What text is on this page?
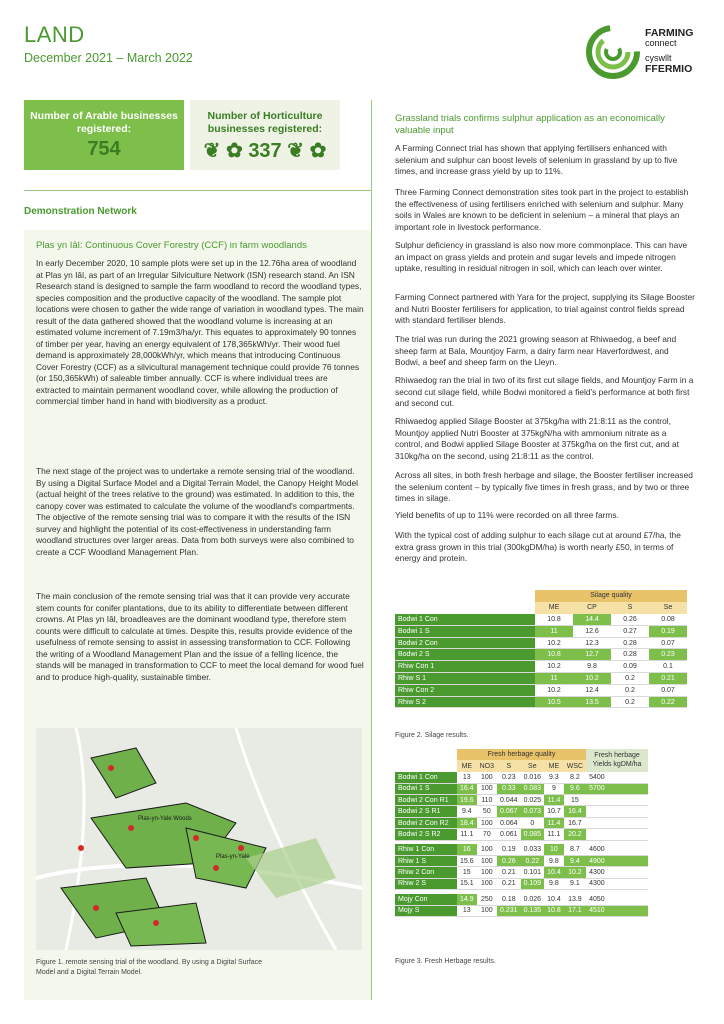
LAND
December 2021 – March 2022
FARMING
connect
cyswllt
FFERMIO
Number of Arable businesses registered:
754
Number of Horticulture businesses registered:
❦ ✿ 337 ❦ ✿
Demonstration Network
Plas yn Iâl: Continuous Cover Forestry (CCF) in farm woodlands
In early December 2020, 10 sample plots were set up in the 12.76ha area of woodland at Plas yn Iâl, as part of an Irregular Silviculture Network (ISN) research stand. An ISN Research stand is designed to sample the farm woodland to record the woodland types, species composition and the productive capacity of the woodland. The sample plot locations were chosen to gather the wide range of variation in woodland types. The main result of the data gathered showed that the woodland volume is increasing at an estimated volume increment of 7.19m3/ha/yr. This equates to approximately 90 tonnes of timber per year, having an energy equivalent of 178,365kWh/yr. Their wood fuel demand is approximately 28,000kWh/yr, which means that introducing Continuous Cover Forestry (CCF) as a silvicultural management technique could provide 76 tonnes (or 150,365kWh) of saleable timber annually. CCF is where individual trees are extracted to maintain permanent woodland cover, while allowing the production of commercial timber hand in hand with biodiversity as a product.
The next stage of the project was to undertake a remote sensing trial of the woodland. By using a Digital Surface Model and a Digital Terrain Model, the Canopy Height Model (actual height of the trees relative to the ground) was estimated. In addition to this, the canopy cover was estimated to calculate the volume of the woodland's compartments. The objective of the remote sensing trial was to compare it with the results of the ISN survey and highlight the potential of its cost-effectiveness in understanding farm woodland structures over larger areas. Data from both surveys were also combined to create a CCF Woodland Management Plan.
The main conclusion of the remote sensing trial was that it can provide very accurate stem counts for conifer plantations, due to its ability to differentiate between different crowns. At Plas yn Iâl, broadleaves are the dominant woodland type, therefore stem counts were difficult to calculate at times. Despite this, results provide evidence of the usefulness of remote sensing to assist in assessing transformation to CCF. Following the writing of a Woodland Management Plan and the issue of a felling licence, the stands will be managed in transformation to CCF to meet the local demand for wood fuel and to produce high-quality, sustainable timber.
Plas-yn-Yale Woods
Plas-yn-Yale
Figure 1. remote sensing trial of the woodland. By using a Digital Surface Model and a Digital Terrain Model.
Grassland trials confirms sulphur application as an economically valuable input
A Farming Connect trial has shown that applying fertilisers enhanced with selenium and sulphur can boost levels of selenium in grassland by up to five times, and increase grass yield by up to 11%.
Three Farming Connect demonstration sites took part in the project to establish the effectiveness of using fertilisers enriched with selenium and sulphur. Many soils in Wales are known to be deficient in selenium – a mineral that plays an important role in livestock performance.
Sulphur deficiency in grassland is also now more commonplace. This can have an impact on grass yields and protein and sugar levels and impede nitrogen uptake, resulting in residual nitrogen in soil, which can leach over winter.
Farming Connect partnered with Yara for the project, supplying its Silage Booster and Nutri Booster fertilisers for application, to trial against control fields spread with standard fertiliser blends.
The trial was run during the 2021 growing season at Rhiwaedog, a beef and sheep farm at Bala, Mountjoy Farm, a dairy farm near Haverfordwest, and Bodwi, a beef and sheep farm on the Lleyn.
Rhiwaedog ran the trial in two of its first cut silage fields, and Mountjoy Farm in a second cut silage field, while Bodwi monitored a field's performance at both first and second cut.
Rhiwaedog applied Silage Booster at 375kg/ha with 21:8:11 as the control, Mountjoy applied Nutri Booster at 375kgN/ha with ammonium nitrate as a control, and Bodwi applied Silage Booster at 375kg/ha on the first cut, and at 310kg/ha on the second, using 21:8:11 as the control.
Across all sites, in both fresh herbage and silage, the Booster fertiliser increased the selenium content – by typically five times in fresh grass, and by two or three times in silage.
Yield benefits of up to 11% were recorded on all three farms.
With the typical cost of adding sulphur to each silage cut at around £7/ha, the extra grass grown in this trial (300kgDM/ha) is worth nearly £50, in terms of energy and protein.
	Silage quality			
	ME	CP	S	Se
Bodwi 1 Con	10.8	14.4	0.26	0.08
Bodwi 1 S	11	12.6	0.27	0.19
Bodwi 2 Con	10.2	12.3	0.28	0.07
Bodwi 2 S	10.8	12.7	0.28	0.23
Rhiw Con 1	10.2	9.8	0.09	0.1
Rhiw S 1	11	10.2	0.2	0.21
Rhiw Con 2	10.2	12.4	0.2	0.07
Rhiw S 2	10.5	13.5	0.2	0.22
Figure 2. Silage results.
	Fresh herbage quality						Fresh herbage Yields kgDM/ha
	ME	NO3	S	Se	ME	WSC	
Bodwi 1 Con	13	100	0.23	0.016	9.3	8.2	5400
Bodwi 1 S	16.4	100	0.33	0.083	9	9.6	5700
Bodwi 2 Con R1	19.6	110	0.044	0.025	11.4	15	
Bodwi 2 S R1	9.4	50	0.067	0.073	10.7	16.4	
Bodwi 2 Con R2	18.4	100	0.064	0	11.4	16.7	
Bodwi 2 S R2	11.1	70	0.061	0.085	11.1	20.2	

Rhiw 1 Con	16	100	0.19	0.033	10	8.7	4600
Rhiw 1 S	15.6	100	0.26	0.22	9.8	9.4	4900
Rhiw 2 Con	15	100	0.21	0.101	10.4	10.2	4300
Rhiw 2 S	15.1	100	0.21	0.109	9.8	9.1	4300

Mojy Con	14.9	250	0.18	0.026	10.4	13.9	4050
Mojy S	13	100	0.231	0.135	10.8	17.1	4510
Figure 3. Fresh Herbage results.
